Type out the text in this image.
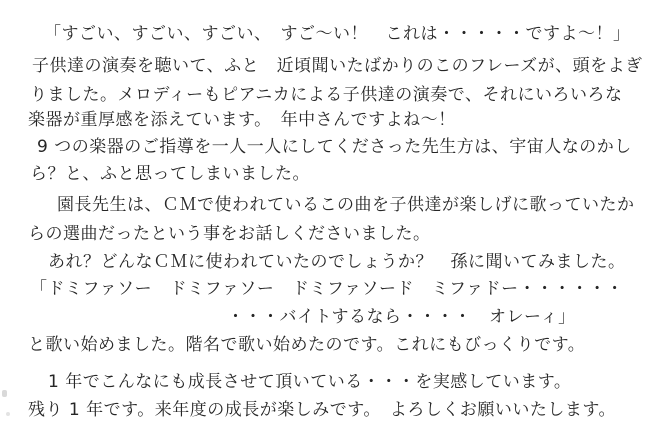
「すごい、すごい、すごい、　すご〜い！　これは・・・・・ですよ〜！」
子供達の演奏を聴いて、ふと　近頃聞いたばかりのこのフレーズが、頭をよぎ
りました。メロディーもピアニカによる子供達の演奏で、それにいろいろな
楽器が重厚感を添えています。　年中さんですよね〜！
9 つの楽器のご指導を一人一人にしてくださった先生方は、宇宙人なのかし
ら？と、ふと思ってしまいました。
園長先生は、ＣＭで使われているこの曲を子供達が楽しげに歌っていたか
らの選曲だったという事をお話しくださいました。
あれ？どんなＣＭに使われていたのでしょうか？　孫に聞いてみました。
「ドミファソー　ドミファソー　ドミファソード　ミファドー・・・・・・
・・・バイトするなら・・・・　オレーィ」
と歌い始めました。階名で歌い始めたのです。これにもびっくりです。
1 年でこんなにも成長させて頂いている・・・を実感しています。
残り 1 年です。来年度の成長が楽しみです。　よろしくお願いいたします。
